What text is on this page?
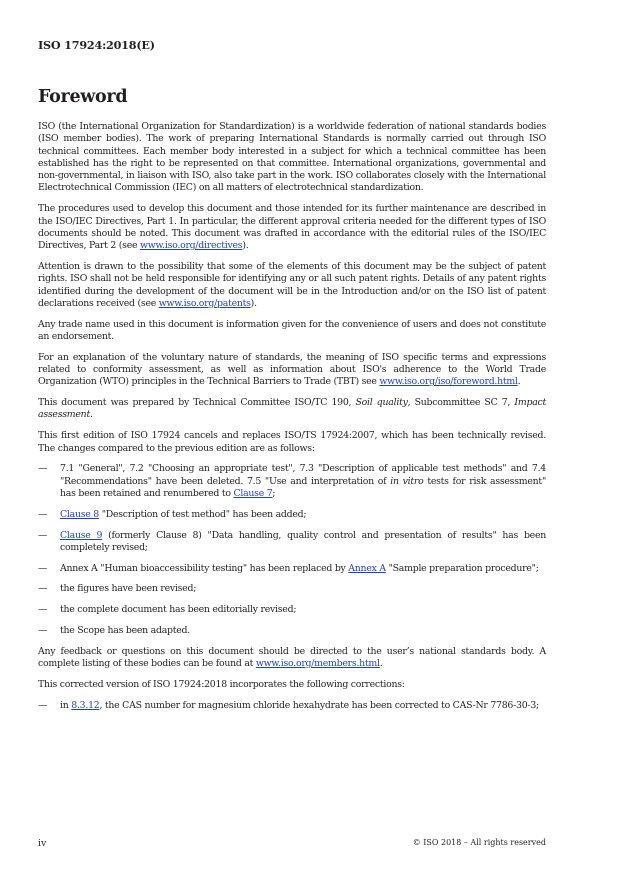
ISO 17924:2018(E)
Foreword

ISO (the International Organization for Standardization) is a worldwide federation of national standards bodies (ISO member bodies). The work of preparing International Standards is normally carried out through ISO technical committees. Each member body interested in a subject for which a technical committee has been established has the right to be represented on that committee. International organizations, governmental and non-governmental, in liaison with ISO, also take part in the work. ISO collaborates closely with the International Electrotechnical Commission (IEC) on all matters of electrotechnical standardization.

The procedures used to develop this document and those intended for its further maintenance are described in the ISO/IEC Directives, Part 1. In particular, the different approval criteria needed for the different types of ISO documents should be noted. This document was drafted in accordance with the editorial rules of the ISO/IEC Directives, Part 2 (see www.iso.org/directives).

Attention is drawn to the possibility that some of the elements of this document may be the subject of patent rights. ISO shall not be held responsible for identifying any or all such patent rights. Details of any patent rights identified during the development of the document will be in the Introduction and/or on the ISO list of patent declarations received (see www.iso.org/patents).

Any trade name used in this document is information given for the convenience of users and does not constitute an endorsement.

For an explanation of the voluntary nature of standards, the meaning of ISO specific terms and expressions related to conformity assessment, as well as information about ISO's adherence to the World Trade Organization (WTO) principles in the Technical Barriers to Trade (TBT) see www.iso.org/iso/foreword.html.

This document was prepared by Technical Committee ISO/TC 190, Soil quality, Subcommittee SC 7, Impact assessment.

This first edition of ISO 17924 cancels and replaces ISO/TS 17924:2007, which has been technically revised. The changes compared to the previous edition are as follows:

—	7.1 "General", 7.2 "Choosing an appropriate test", 7.3 "Description of applicable test methods" and 7.4 "Recommendations" have been deleted. 7.5 "Use and interpretation of in vitro tests for risk assessment" has been retained and renumbered to Clause 7;
—	Clause 8 "Description of test method" has been added;
—	Clause 9 (formerly Clause 8) "Data handling, quality control and presentation of results" has been completely revised;
—	Annex A "Human bioaccessibility testing" has been replaced by Annex A "Sample preparation procedure";
—	the figures have been revised;
—	the complete document has been editorially revised;
—	the Scope has been adapted.

Any feedback or questions on this document should be directed to the user’s national standards body. A complete listing of these bodies can be found at www.iso.org/members.html.

This corrected version of ISO 17924:2018 incorporates the following corrections:

—	in 8.3.12, the CAS number for magnesium chloride hexahydrate has been corrected to CAS-Nr 7786-30-3;
iv	© ISO 2018 – All rights reserved
